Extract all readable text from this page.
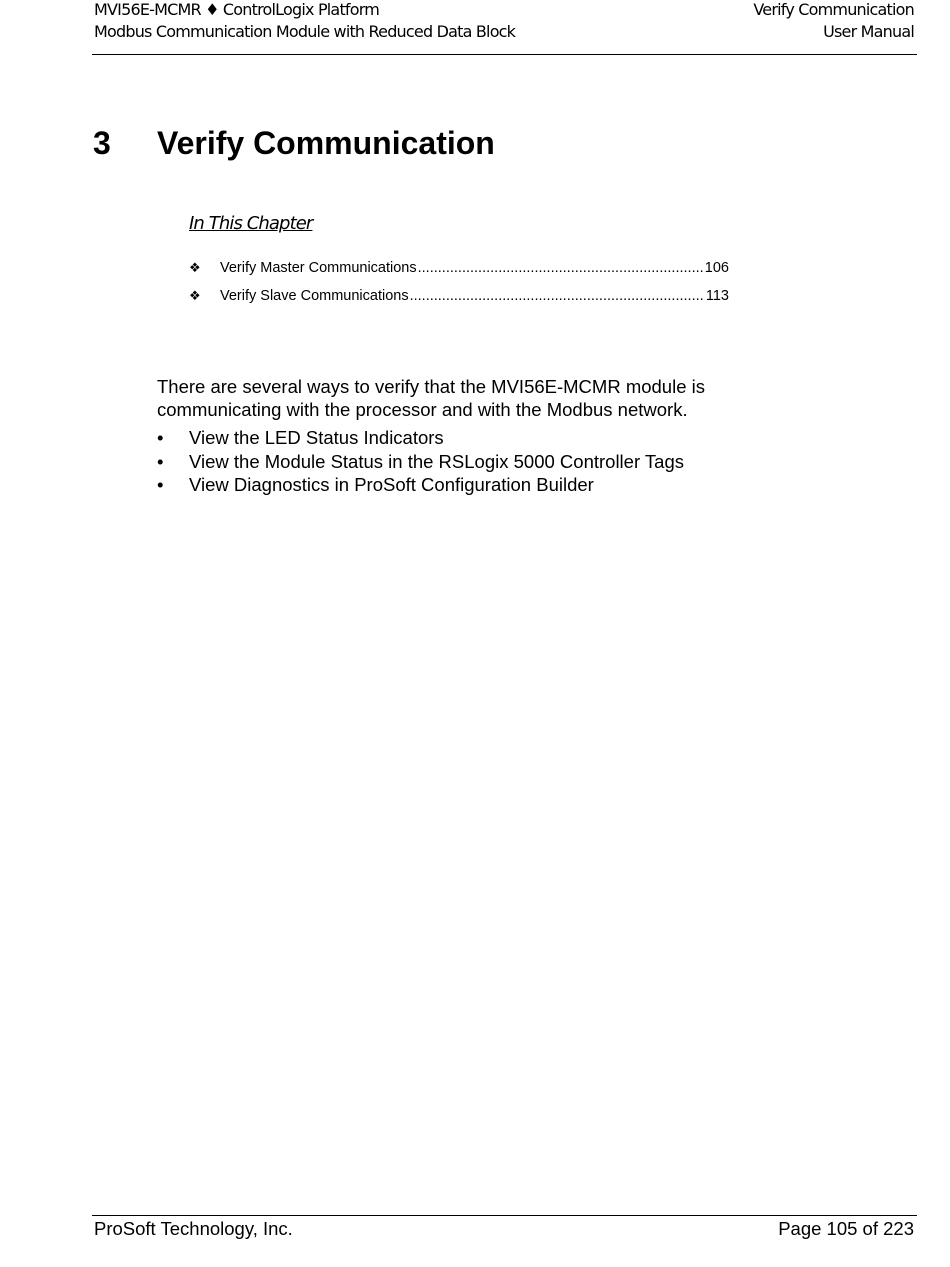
MVI56E-MCMR ♦ ControlLogix Platform
Modbus Communication Module with Reduced Data Block
Verify Communication
User Manual
3 Verify Communication
In This Chapter
❖ Verify Master Communications .....	106
❖ Verify Slave Communications .....	113
There are several ways to verify that the MVI56E-MCMR module is communicating with the processor and with the Modbus network.
• View the LED Status Indicators
• View the Module Status in the RSLogix 5000 Controller Tags
• View Diagnostics in ProSoft Configuration Builder
ProSoft Technology, Inc.	Page 105 of 223
